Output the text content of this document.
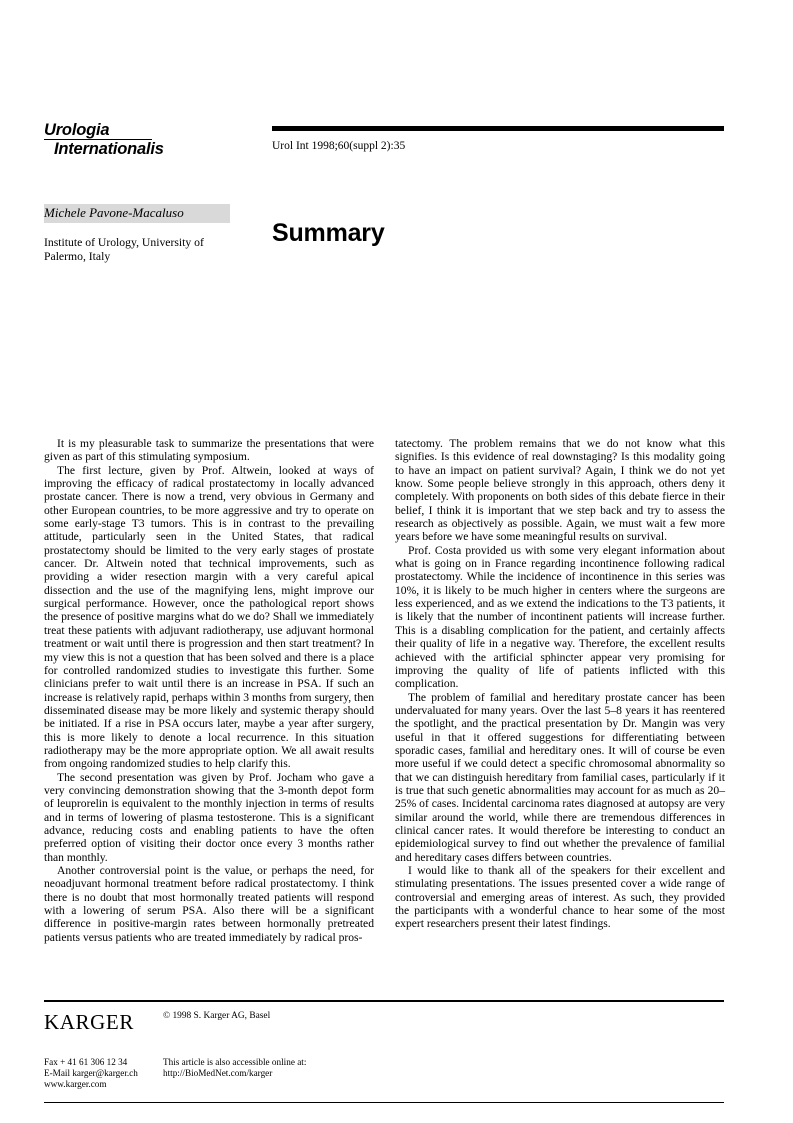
Urologia
Internationalis	Urol Int 1998;60(suppl 2):35
Michele Pavone-Macaluso
Institute of Urology, University of Palermo, Italy
Summary

It is my pleasurable task to summarize the presentations that were given as part of this stimulating symposium.

The first lecture, given by Prof. Altwein, looked at ways of improving the efficacy of radical prostatectomy in locally advanced prostate cancer. There is now a trend, very obvious in Germany and other European countries, to be more aggressive and try to operate on some early-stage T3 tumors. This is in contrast to the prevailing attitude, particularly seen in the United States, that radical prostatectomy should be limited to the very early stages of prostate cancer. Dr. Altwein noted that technical improvements, such as providing a wider resection margin with a very careful apical dissection and the use of the magnifying lens, might improve our surgical performance. However, once the pathological report shows the presence of positive margins what do we do? Shall we immediately treat these patients with adjuvant radiotherapy, use adjuvant hormonal treatment or wait until there is progression and then start treatment? In my view this is not a question that has been solved and there is a place for controlled randomized studies to investigate this further. Some clinicians prefer to wait until there is an increase in PSA. If such an increase is relatively rapid, perhaps within 3 months from surgery, then disseminated disease may be more likely and systemic therapy should be initiated. If a rise in PSA occurs later, maybe a year after surgery, this is more likely to denote a local recurrence. In this situation radiotherapy may be the more appropriate option. We all await results from ongoing randomized studies to help clarify this.

The second presentation was given by Prof. Jocham who gave a very convincing demonstration showing that the 3-month depot form of leuprorelin is equivalent to the monthly injection in terms of results and in terms of lowering of plasma testosterone. This is a significant advance, reducing costs and enabling patients to have the often preferred option of visiting their doctor once every 3 months rather than monthly.

Another controversial point is the value, or perhaps the need, for neoadjuvant hormonal treatment before radical prostatectomy. I think there is no doubt that most hormonally treated patients will respond with a lowering of serum PSA. Also there will be a significant difference in positive-margin rates between hormonally pretreated patients versus patients who are treated immediately by radical pros-

tatectomy. The problem remains that we do not know what this signifies. Is this evidence of real downstaging? Is this modality going to have an impact on patient survival? Again, I think we do not yet know. Some people believe strongly in this approach, others deny it completely. With proponents on both sides of this debate fierce in their belief, I think it is important that we step back and try to assess the research as objectively as possible. Again, we must wait a few more years before we have some meaningful results on survival.

Prof. Costa provided us with some very elegant information about what is going on in France regarding incontinence following radical prostatectomy. While the incidence of incontinence in this series was 10%, it is likely to be much higher in centers where the surgeons are less experienced, and as we extend the indications to the T3 patients, it is likely that the number of incontinent patients will increase further. This is a disabling complication for the patient, and certainly affects their quality of life in a negative way. Therefore, the excellent results achieved with the artificial sphincter appear very promising for improving the quality of life of patients inflicted with this complication.

The problem of familial and hereditary prostate cancer has been undervaluated for many years. Over the last 5–8 years it has reentered the spotlight, and the practical presentation by Dr. Mangin was very useful in that it offered suggestions for differentiating between sporadic cases, familial and hereditary ones. It will of course be even more useful if we could detect a specific chromosomal abnormality so that we can distinguish hereditary from familial cases, particularly if it is true that such genetic abnormalities may account for as much as 20–25% of cases. Incidental carcinoma rates diagnosed at autopsy are very similar around the world, while there are tremendous differences in clinical cancer rates. It would therefore be interesting to conduct an epidemiological survey to find out whether the prevalence of familial and hereditary cases differs between countries.

I would like to thank all of the speakers for their excellent and stimulating presentations. The issues presented cover a wide range of controversial and emerging areas of interest. As such, they provided the participants with a wonderful chance to hear some of the most expert researchers present their latest findings.

KARGER
Fax + 41 61 306 12 34
E-Mail karger@karger.ch
www.karger.com
© 1998 S. Karger AG, Basel
This article is also accessible online at:
http://BioMedNet.com/karger
